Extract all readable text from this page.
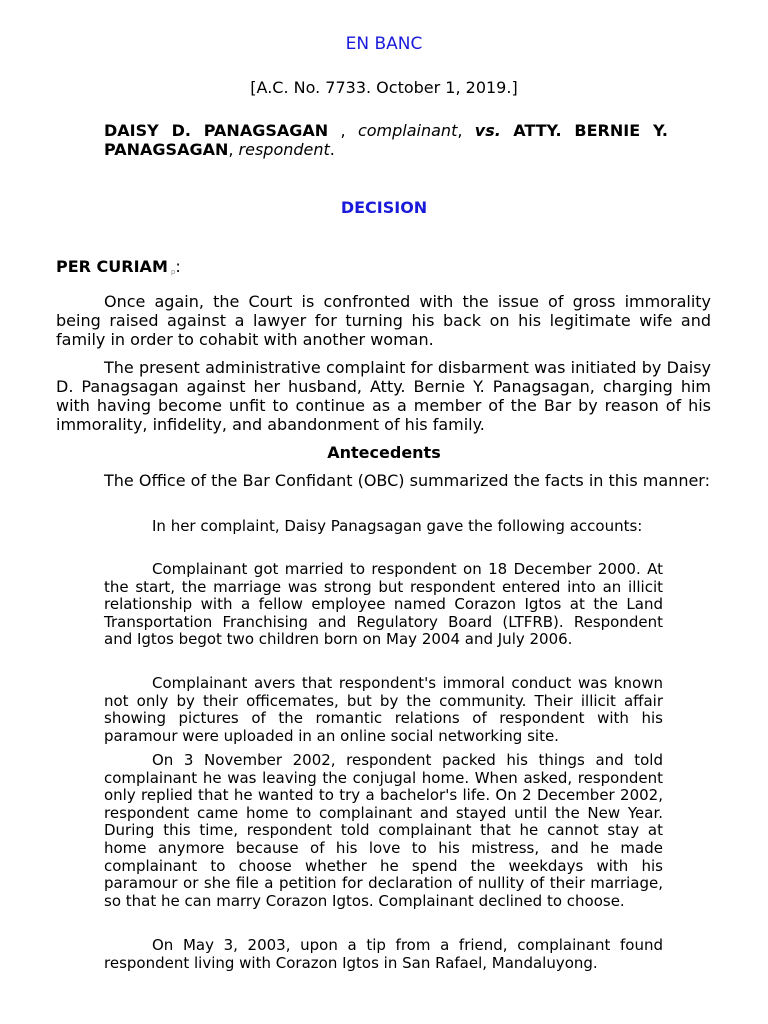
EN BANC
[A.C. No. 7733. October 1, 2019.]
DAISY D. PANAGSAGAN , complainant, vs. ATTY. BERNIE Y. PANAGSAGAN, respondent.
DECISION
PER CURIAM p:

Once again, the Court is confronted with the issue of gross immorality being raised against a lawyer for turning his back on his legitimate wife and family in order to cohabit with another woman.

The present administrative complaint for disbarment was initiated by Daisy D. Panagsagan against her husband, Atty. Bernie Y. Panagsagan, charging him with having become unfit to continue as a member of the Bar by reason of his immorality, infidelity, and abandonment of his family.

Antecedents

The Office of the Bar Confidant (OBC) summarized the facts in this manner:

In her complaint, Daisy Panagsagan gave the following accounts:

Complainant got married to respondent on 18 December 2000. At the start, the marriage was strong but respondent entered into an illicit relationship with a fellow employee named Corazon Igtos at the Land Transportation Franchising and Regulatory Board (LTFRB). Respondent and Igtos begot two children born on May 2004 and July 2006.

Complainant avers that respondent's immoral conduct was known not only by their officemates, but by the community. Their illicit affair showing pictures of the romantic relations of respondent with his paramour were uploaded in an online social networking site.

On 3 November 2002, respondent packed his things and told complainant he was leaving the conjugal home. When asked, respondent only replied that he wanted to try a bachelor's life. On 2 December 2002, respondent came home to complainant and stayed until the New Year. During this time, respondent told complainant that he cannot stay at home anymore because of his love to his mistress, and he made complainant to choose whether he spend the weekdays with his paramour or she file a petition for declaration of nullity of their marriage, so that he can marry Corazon Igtos. Complainant declined to choose.

On May 3, 2003, upon a tip from a friend, complainant found respondent living with Corazon Igtos in San Rafael, Mandaluyong.
